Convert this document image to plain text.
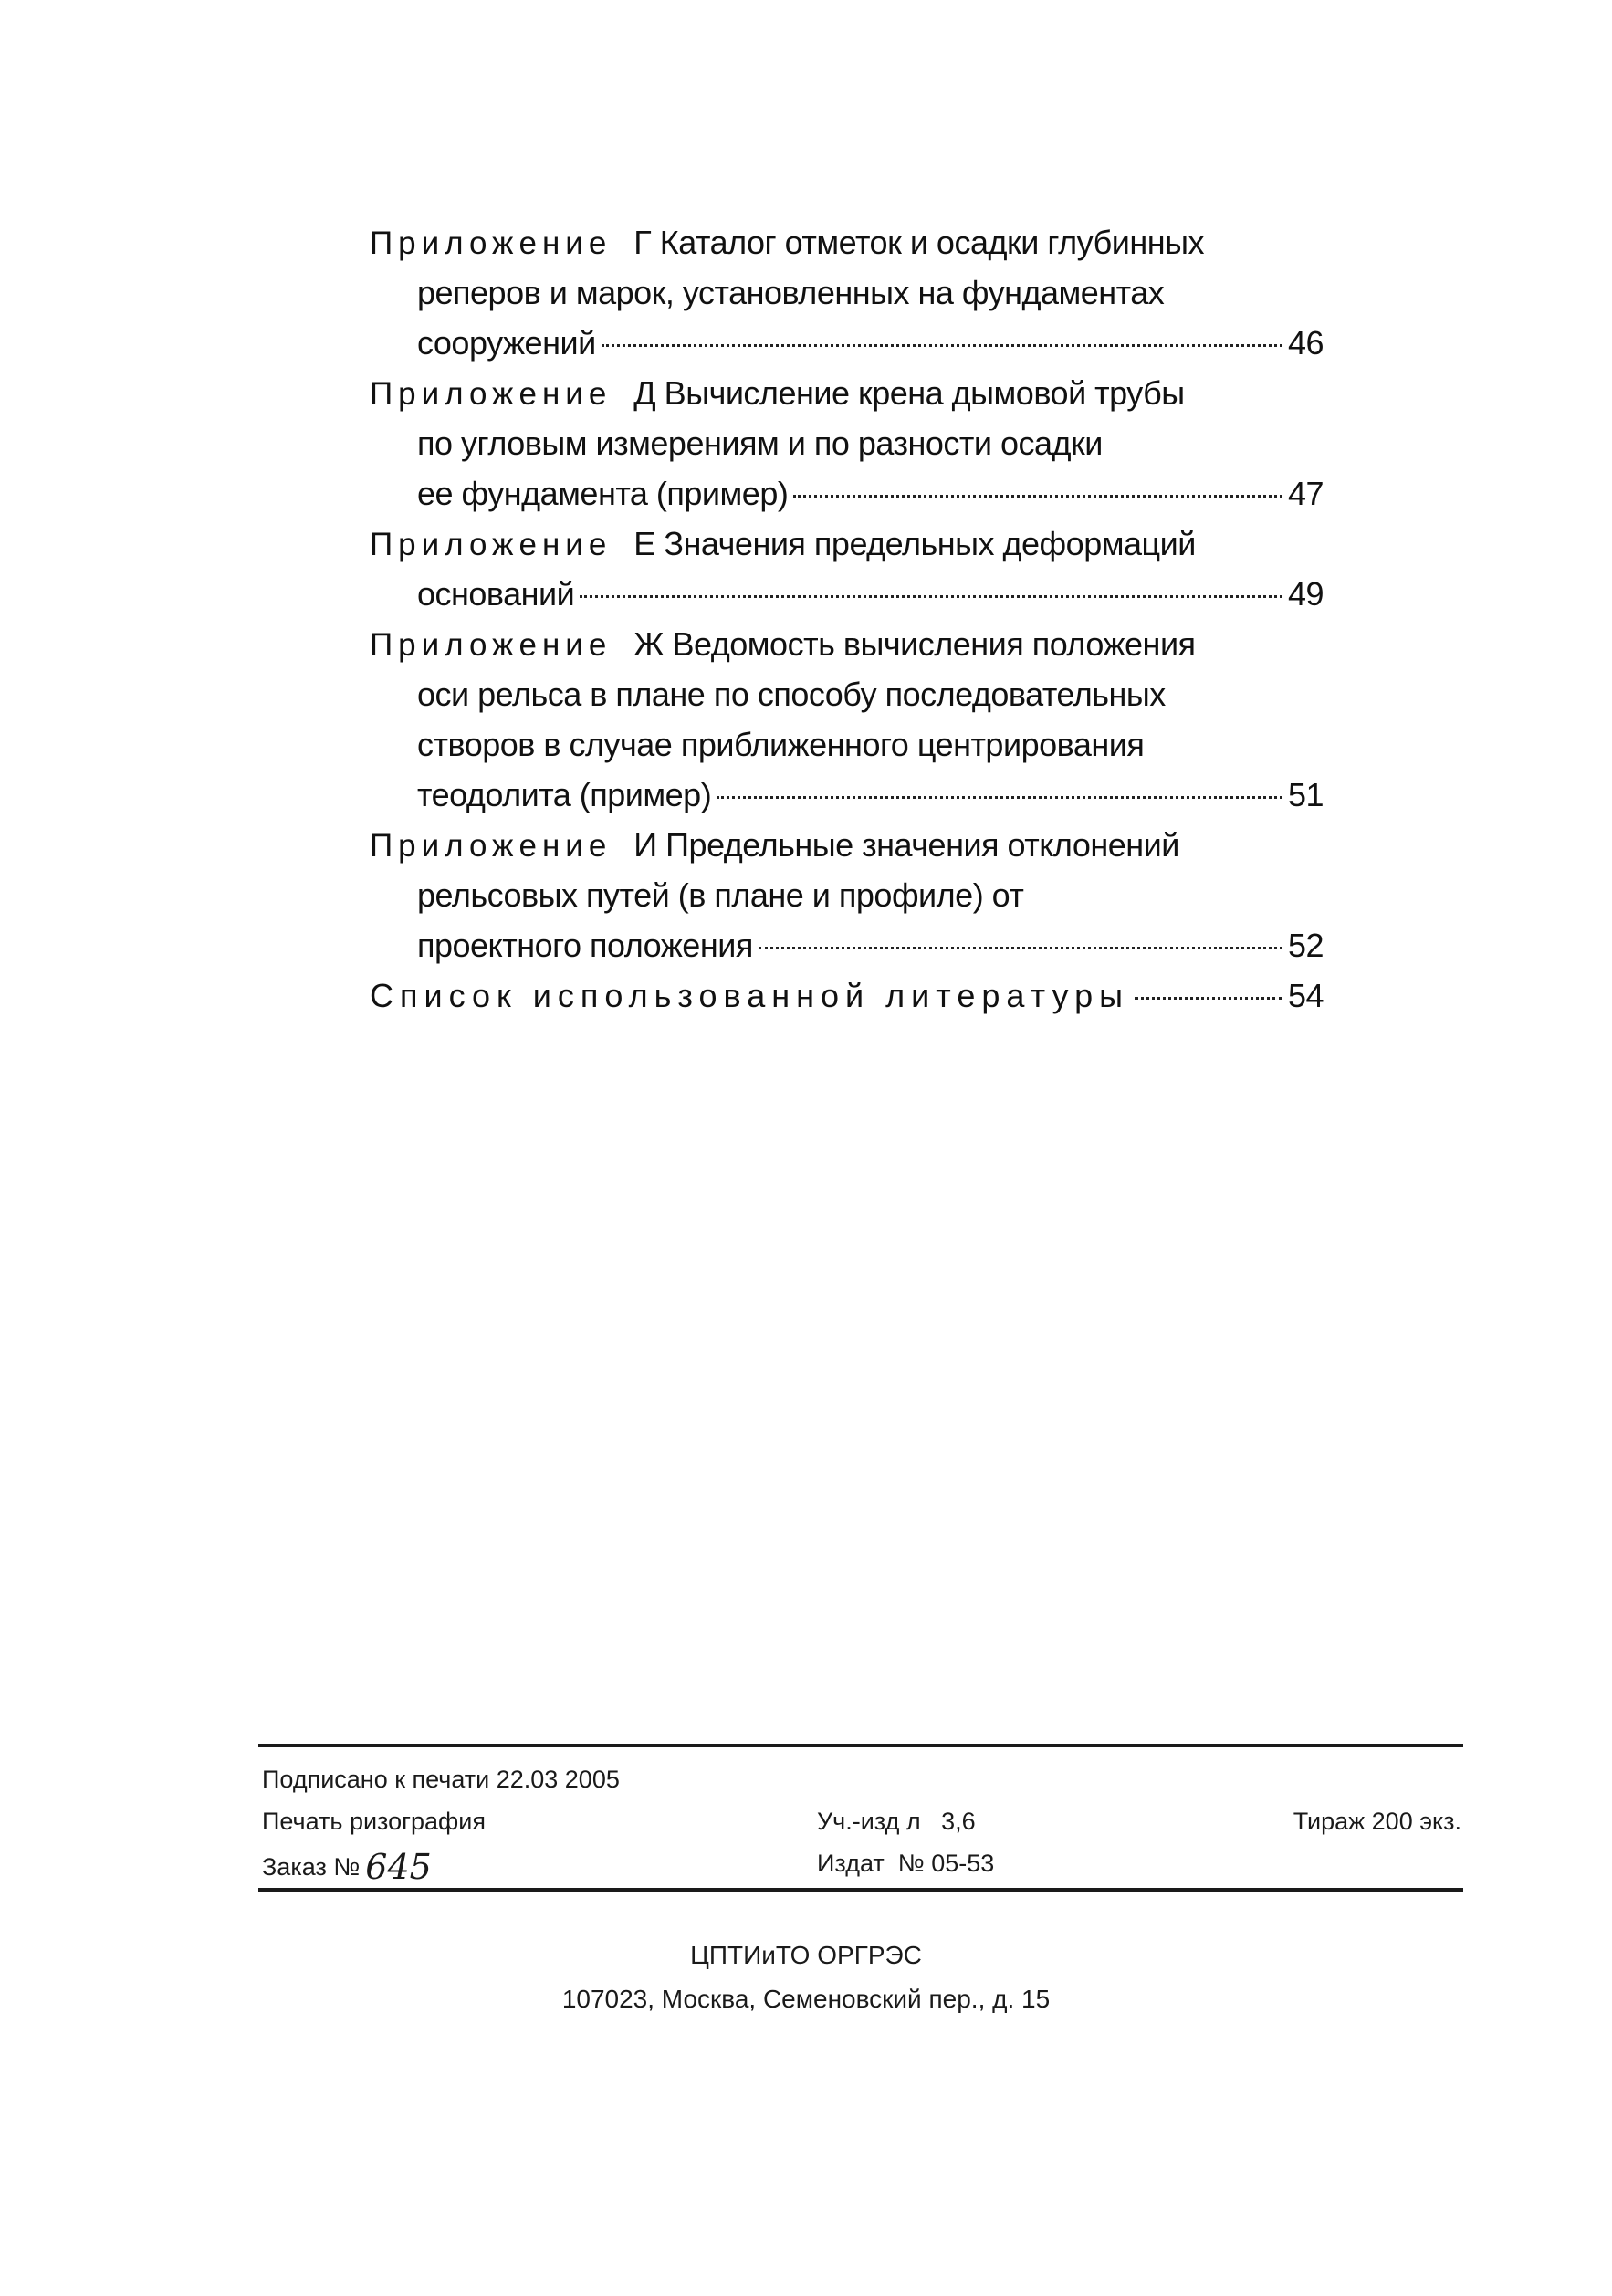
Приложение Г Каталог отметок и осадки глубинных
реперов и марок, установленных на фундаментах
сооружений	46
Приложение Д Вычисление крена дымовой трубы
по угловым измерениям и по разности осадки
ее фундамента (пример)	47
Приложение Е Значения предельных деформаций
оснований	49
Приложение Ж Ведомость вычисления положения
оси рельса в плане по способу последовательных
створов в случае приближенного центрирования
теодолита (пример)	51
Приложение И Предельные значения отклонений
рельсовых путей (в плане и профиле) от
проектного положения	52
Список использованной литературы	54
Подписано к печати 22.03 2005
Печать ризография	Уч.-изд л   3,6	Тираж 200 экз.
Заказ № 645	Издат  № 05-53
ЦПТИиТО ОРГРЭС
107023, Москва, Семеновский пер., д. 15
